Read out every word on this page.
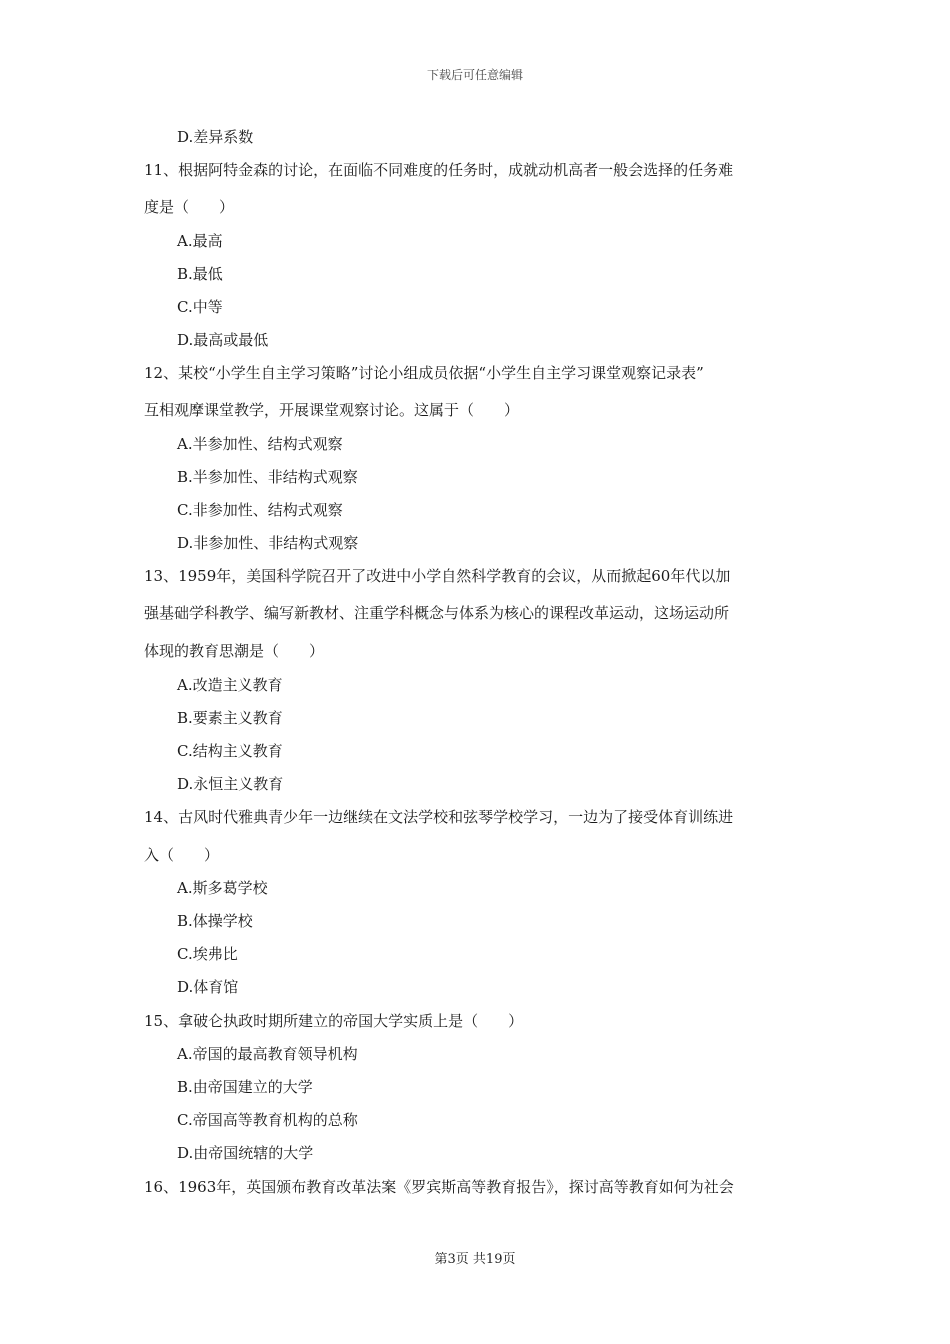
下载后可任意编辑
D.差异系数
11、根据阿特金森的讨论，在面临不同难度的任务时，成就动机高者一般会选择的任务难
度是（　　）
A.最高
B.最低
C.中等
D.最高或最低
12、某校“小学生自主学习策略”讨论小组成员依据“小学生自主学习课堂观察记录表”
互相观摩课堂教学，开展课堂观察讨论。这属于（　　）
A.半参加性、结构式观察
B.半参加性、非结构式观察
C.非参加性、结构式观察
D.非参加性、非结构式观察
13、1959年，美国科学院召开了改进中小学自然科学教育的会议，从而掀起60年代以加
强基础学科教学、编写新教材、注重学科概念与体系为核心的课程改革运动，这场运动所
体现的教育思潮是（　　）
A.改造主义教育
B.要素主义教育
C.结构主义教育
D.永恒主义教育
14、古风时代雅典青少年一边继续在文法学校和弦琴学校学习，一边为了接受体育训练进
入（　　）
A.斯多葛学校
B.体操学校
C.埃弗比
D.体育馆
15、拿破仑执政时期所建立的帝国大学实质上是（　　）
A.帝国的最高教育领导机构
B.由帝国建立的大学
C.帝国高等教育机构的总称
D.由帝国统辖的大学
16、1963年，英国颁布教育改革法案《罗宾斯高等教育报告》，探讨高等教育如何为社会
第3页 共19页
